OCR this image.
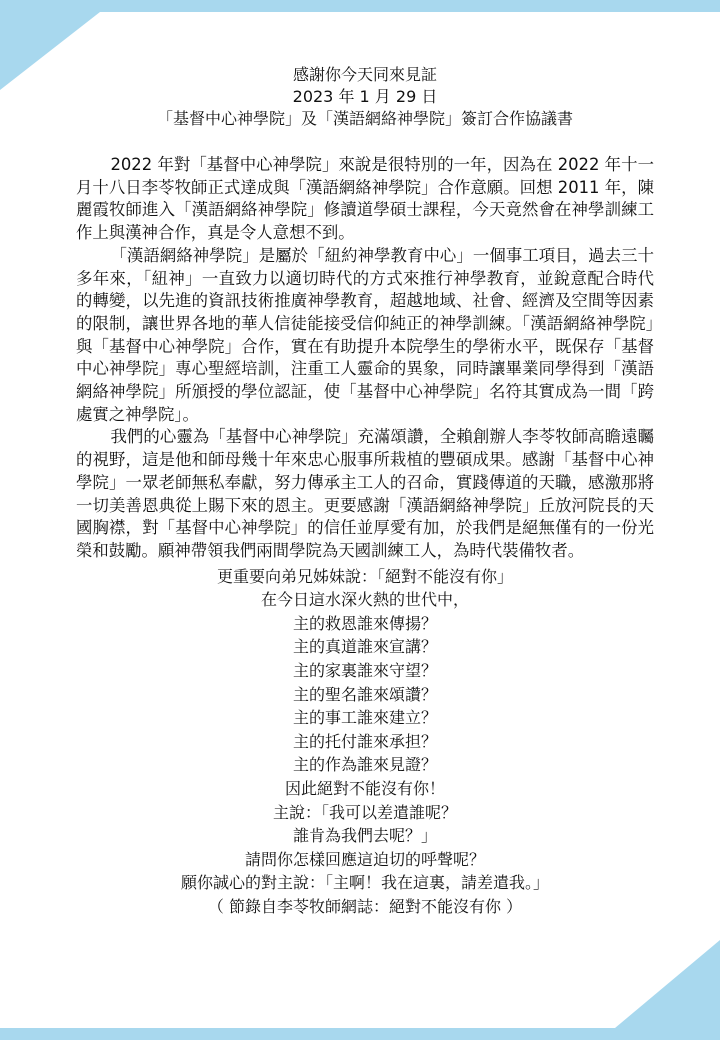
感謝你今天同來見証

2023 年 1 月 29 日

「基督中心神學院」及「漢語網絡神學院」簽訂合作協議書

2022 年對「基督中心神學院」來說是很特別的一年，因為在 2022 年十一月十八日李苓牧師正式達成與「漢語網絡神學院」合作意願。回想 2011 年，陳麗霞牧師進入「漢語網絡神學院」修讀道學碩士課程，今天竟然會在神學訓練工作上與漢神合作，真是令人意想不到。

「漢語網絡神學院」是屬於「紐約神學教育中心」一個事工項目，過去三十多年來，「紐神」一直致力以適切時代的方式來推行神學教育，並銳意配合時代的轉變，以先進的資訊技術推廣神學教育，超越地域、社會、經濟及空間等因素的限制，讓世界各地的華人信徒能接受信仰純正的神學訓練。「漢語網絡神學院」與「基督中心神學院」合作，實在有助提升本院學生的學術水平，既保存「基督中心神學院」專心聖經培訓，注重工人靈命的異象，同時讓畢業同學得到「漢語網絡神學院」所頒授的學位認証，使「基督中心神學院」名符其實成為一間「跨處實之神學院」。

我們的心靈為「基督中心神學院」充滿頌讚，全賴創辦人李苓牧師高瞻遠矚的視野，這是他和師母幾十年來忠心服事所栽植的豐碩成果。感謝「基督中心神學院」一眾老師無私奉獻，努力傳承主工人的召命，實踐傳道的天職，感激那將一切美善恩典從上賜下來的恩主。更要感謝「漢語網絡神學院」丘放河院長的天國胸襟，對「基督中心神學院」的信任並厚愛有加，於我們是絕無僅有的一份光榮和鼓勵。願神帶領我們兩間學院為天國訓練工人，為時代裝備牧者。

更重要向弟兄姊妹說：「絕對不能沒有你」

在今日這水深火熱的世代中，

主的救恩誰來傳揚？

主的真道誰來宣講？

主的家裏誰來守望？

主的聖名誰來頌讚？

主的事工誰來建立？

主的托付誰來承担？

主的作為誰來見證？

因此絕對不能沒有你！

主說：「我可以差遣誰呢？

誰肯為我們去呢？」

請問你怎樣回應這迫切的呼聲呢？

願你誠心的對主說：「主啊！我在這裏，請差遣我。」

（ 節錄自李苓牧師網誌：絕對不能沒有你 ）
